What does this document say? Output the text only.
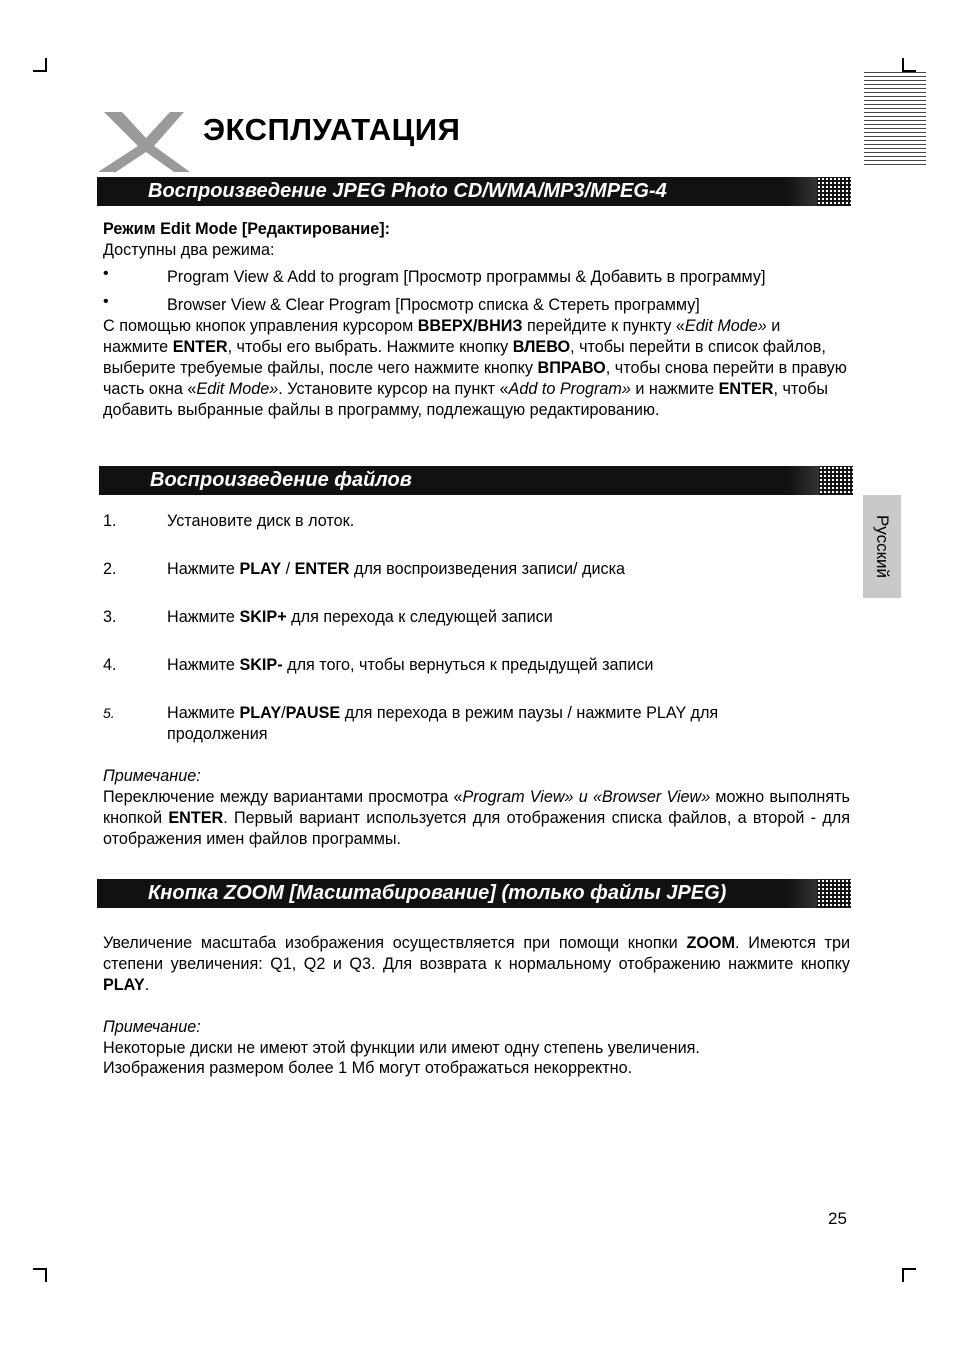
X
ЭКСПЛУАТАЦИЯ
Воспроизведение JPEG Photo CD/WMA/MP3/MPEG-4
Режим Edit Mode [Редактирование]:
Доступны два режима:
•	Program View & Add to program [Просмотр программы & Добавить в программу]
•	Browser View & Clear Program [Просмотр списка & Стереть программу]
С помощью кнопок управления курсором ВВЕРХ/ВНИЗ перейдите к пункту «Edit Mode» и нажмите ENTER, чтобы его выбрать. Нажмите кнопку ВЛЕВО, чтобы перейти в список файлов, выберите требуемые файлы, после чего нажмите кнопку ВПРАВО, чтобы снова перейти в правую часть окна «Edit Mode». Установите курсор на пункт «Add to Program» и нажмите ENTER, чтобы добавить выбранные файлы в программу, подлежащую редактированию.
Воспроизведение файлов
1.	Установите диск в лоток.
2.	Нажмите PLAY / ENTER для воспроизведения записи/ диска
3.	Нажмите SKIP+ для перехода к следующей записи
4.	Нажмите SKIP- для того, чтобы вернуться к предыдущей записи
5.	Нажмите PLAY/PAUSE для перехода в режим паузы / нажмите PLAY для продолжения
Примечание:
Переключение между вариантами просмотра «Program View» и «Browser View» можно выполнять кнопкой ENTER. Первый вариант используется для отображения списка файлов, а второй - для отображения имен файлов программы.
Кнопка ZOOM [Масштабирование] (только файлы JPEG)
Увеличение масштаба изображения осуществляется при помощи кнопки ZOOM. Имеются три степени увеличения: Q1, Q2 и Q3. Для возврата к нормальному отображению нажмите кнопку PLAY.
Примечание:
Некоторые диски не имеют этой функции или имеют одну степень увеличения.
Изображения размером более 1 Мб могут отображаться некорректно.
Русский
25
